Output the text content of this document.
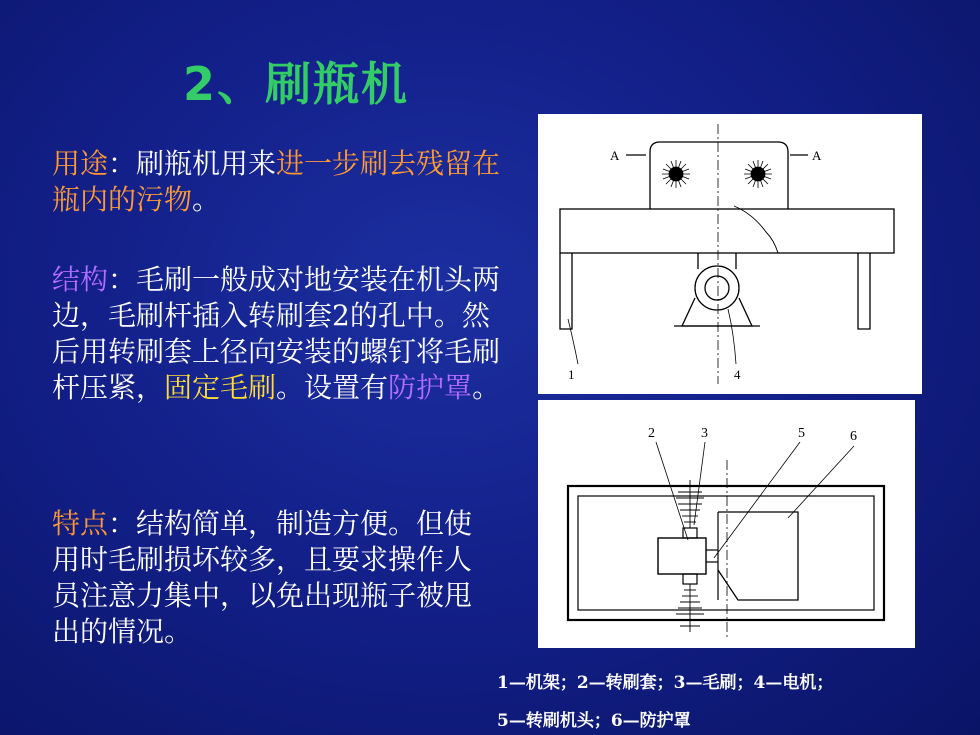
2、刷瓶机
用途：刷瓶机用来进一步刷去残留在瓶内的污物。
结构：毛刷一般成对地安装在机头两边，毛刷杆插入转刷套2的孔中。然后用转刷套上径向安装的螺钉将毛刷杆压紧，固定毛刷。设置有防护罩。
特点：结构简单，制造方便。但使用时毛刷损坏较多，且要求操作人员注意力集中，以免出现瓶子被甩出的情况。
A	A
1	4
2	3	5	6
1—机架；2—转刷套；3—毛刷；4—电机；
5—转刷机头；6—防护罩
